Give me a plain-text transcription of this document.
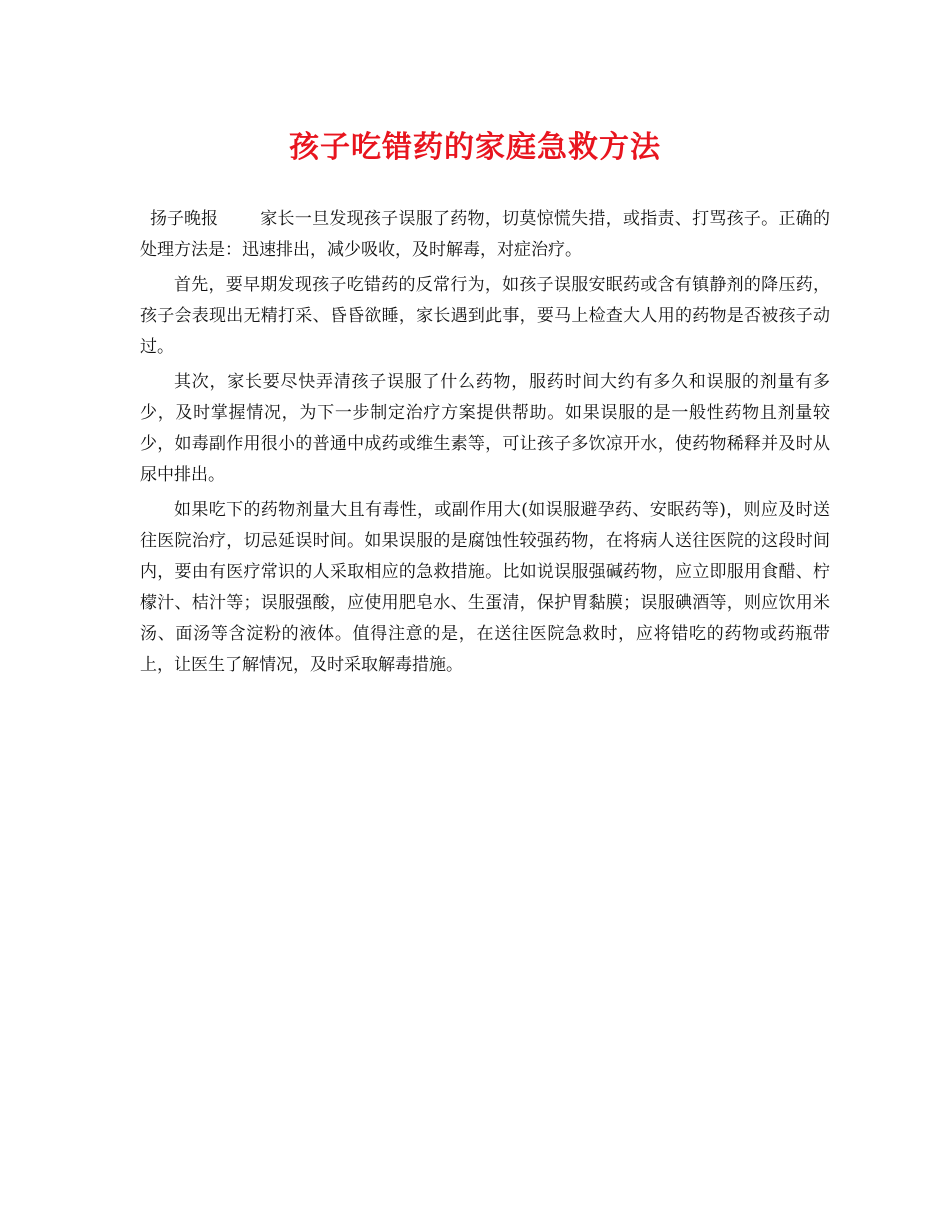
孩子吃错药的家庭急救方法

扬子晚报 家长一旦发现孩子误服了药物，切莫惊慌失措，或指责、打骂孩子。正确的处理方法是：迅速排出，减少吸收，及时解毒，对症治疗。

首先，要早期发现孩子吃错药的反常行为，如孩子误服安眠药或含有镇静剂的降压药，孩子会表现出无精打采、昏昏欲睡，家长遇到此事，要马上检查大人用的药物是否被孩子动过。

其次，家长要尽快弄清孩子误服了什么药物，服药时间大约有多久和误服的剂量有多少，及时掌握情况，为下一步制定治疗方案提供帮助。如果误服的是一般性药物且剂量较少，如毒副作用很小的普通中成药或维生素等，可让孩子多饮凉开水，使药物稀释并及时从尿中排出。

如果吃下的药物剂量大且有毒性，或副作用大(如误服避孕药、安眠药等)，则应及时送往医院治疗，切忌延误时间。如果误服的是腐蚀性较强药物，在将病人送往医院的这段时间内，要由有医疗常识的人采取相应的急救措施。比如说误服强碱药物，应立即服用食醋、柠檬汁、桔汁等；误服强酸，应使用肥皂水、生蛋清，保护胃黏膜；误服碘酒等，则应饮用米汤、面汤等含淀粉的液体。值得注意的是，在送往医院急救时，应将错吃的药物或药瓶带上，让医生了解情况，及时采取解毒措施。
